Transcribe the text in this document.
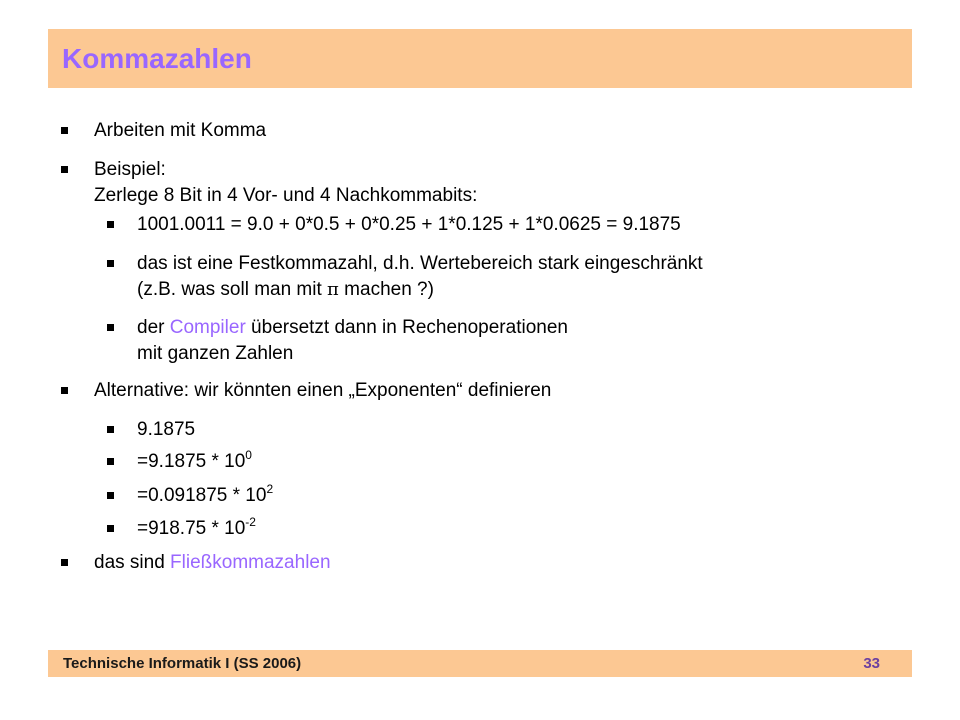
Kommazahlen
Arbeiten mit Komma
Beispiel:
Zerlege 8 Bit in 4 Vor- und 4 Nachkommabits:
1001.0011 = 9.0 + 0*0.5 + 0*0.25 + 1*0.125 + 1*0.0625 = 9.1875
das ist eine Festkommazahl, d.h. Wertebereich stark eingeschränkt
(z.B. was soll man mit π machen ?)
der Compiler übersetzt dann in Rechenoperationen
mit ganzen Zahlen
Alternative: wir könnten einen „Exponenten“ definieren
9.1875
$=9.1875 * 10^0$
$=0.091875 * 10^2$
$=918.75 * 10^{-2}$
das sind Fließkommazahlen
Technische Informatik I (SS 2006)	33
